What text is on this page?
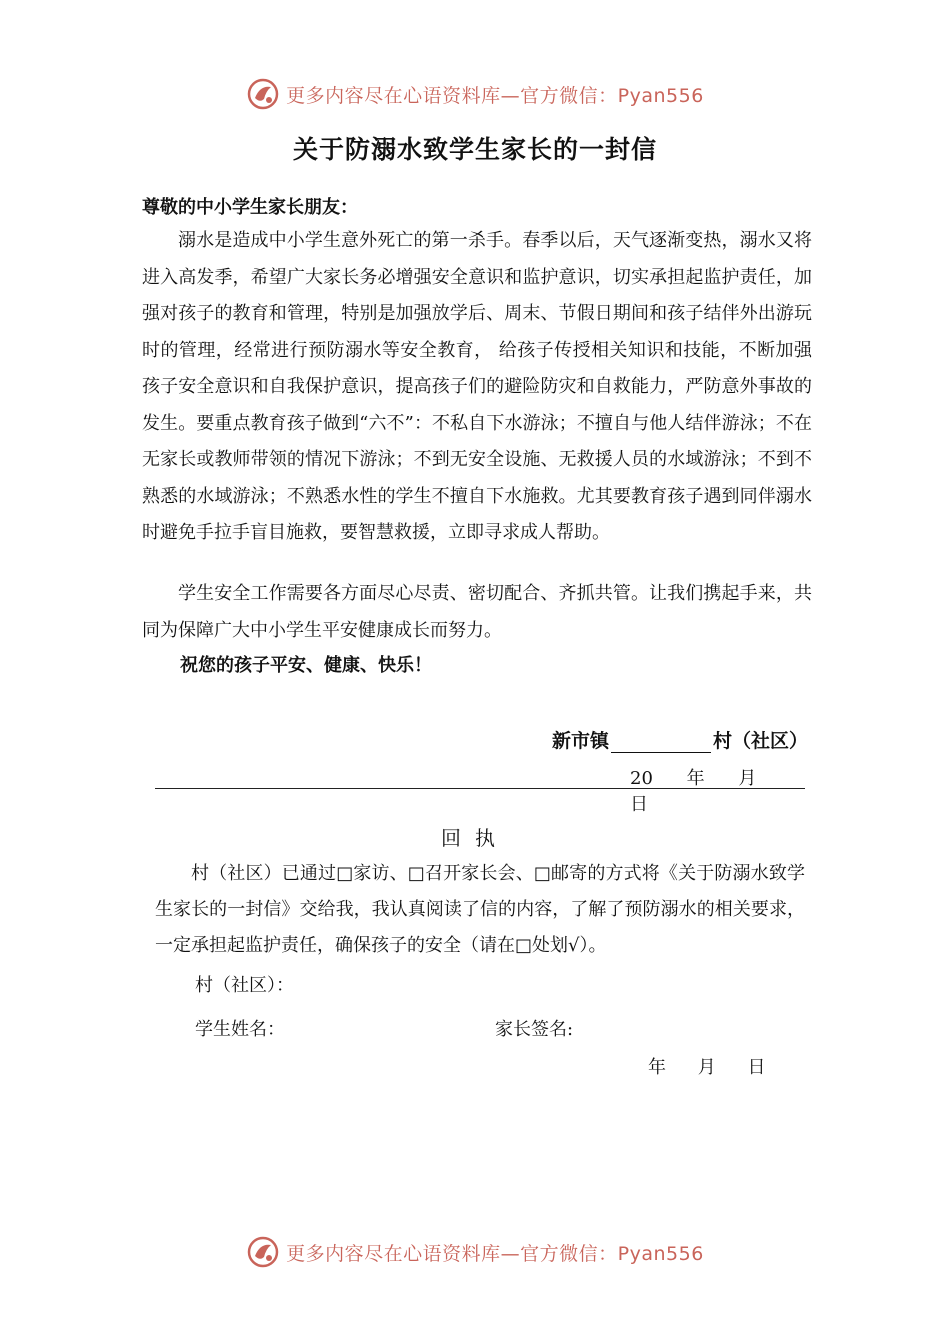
更多内容尽在心语资料库—官方微信：Pyan556
关于防溺水致学生家长的一封信
尊敬的中小学生家长朋友：

溺水是造成中小学生意外死亡的第一杀手。春季以后，天气逐渐变热，溺水又将进入高发季，希望广大家长务必增强安全意识和监护意识，切实承担起监护责任，加强对孩子的教育和管理，特别是加强放学后、周末、节假日期间和孩子结伴外出游玩时的管理，经常进行预防溺水等安全教育， 给孩子传授相关知识和技能，不断加强孩子安全意识和自我保护意识，提高孩子们的避险防灾和自救能力，严防意外事故的发生。要重点教育孩子做到“六不”：不私自下水游泳；不擅自与他人结伴游泳；不在无家长或教师带领的情况下游泳；不到无安全设施、无救援人员的水域游泳；不到不熟悉的水域游泳；不熟悉水性的学生不擅自下水施救。尤其要教育孩子遇到同伴溺水时避免手拉手盲目施救，要智慧救援，立即寻求成人帮助。

学生安全工作需要各方面尽心尽责、密切配合、齐抓共管。让我们携起手来，共同为保障广大中小学生平安健康成长而努力。

祝您的孩子平安、健康、快乐！
新市镇	村（社区）
20 年 月 日
回执

村（社区）已通过□家访、□召开家长会、□邮寄的方式将《关于防溺水致学生家长的一封信》交给我，我认真阅读了信的内容，了解了预防溺水的相关要求，一定承担起监护责任，确保孩子的安全（请在□处划√）。

村（社区）：
学生姓名：	家长签名:
年 月 日
更多内容尽在心语资料库—官方微信：Pyan556
